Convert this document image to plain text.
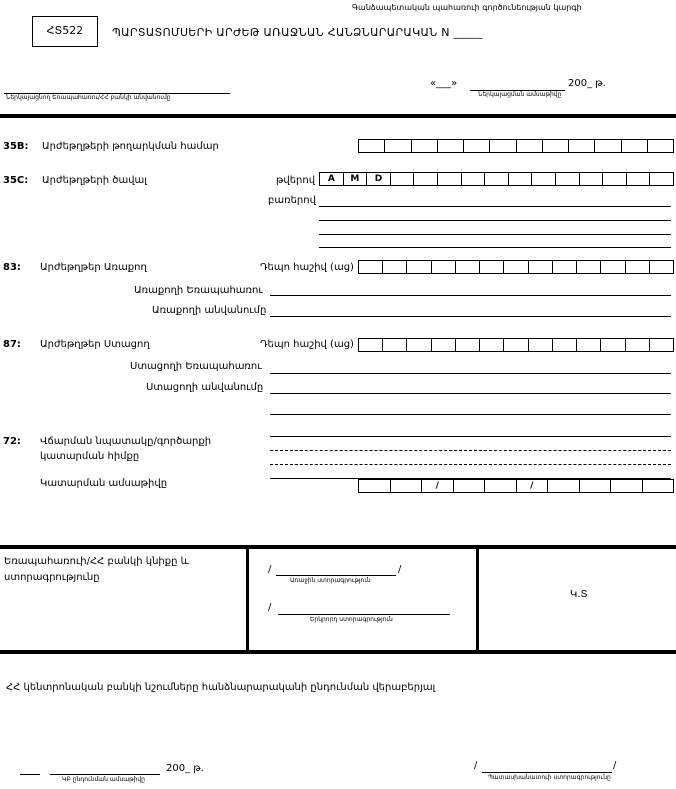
Գանձապետական պահառուի գործունեության կարգի
ՀՏ522	ՊԱՐՏԱՏՈՄՍԵՐԻ ԱՐԺԵԹ ԱՌԱՋՆԱՆ ՀԱՆՁՆԱՐԱՐԱԿԱՆ N _____
Ներկայացնող Եռապահառու/ՀՀ բանկի անվանումը
«___»	200_ թ.
Ներկայացման ամսաթիվը
35B: Արժեթղթերի թողարկման համար
35C: Արժեթղթերի ծավալ	թվերով	A	M	D
բառերով
83: Արժեթղթեր Առաքող	Դեպո հաշիվ (աց)
Առաքողի Եռապահառու
Առաքողի անվանումը
87: Արժեթղթեր Ստացող	Դեպո հաշիվ (աց)
Ստացողի Եռապահառու
Ստացողի անվանումը
72: Վճարման նպատակը/գործարքի
կատարման հիմքը
Կատարման ամսաթիվը	/	/
Եռապահառուի/ՀՀ բանկի կնիքը և
ստորագրությունը
/	/
Առաջին ստորագրություն
/
Երկրորդ ստորագրություն
Կ.Տ
ՀՀ կենտրոնական բանկի նշումները հանձնարարականի ընդունման վերաբերյալ
200_ թ.
ԿԲ ընդունման ամսաթիվը
/	/
Պատասխանատուի ստորագրությունը
